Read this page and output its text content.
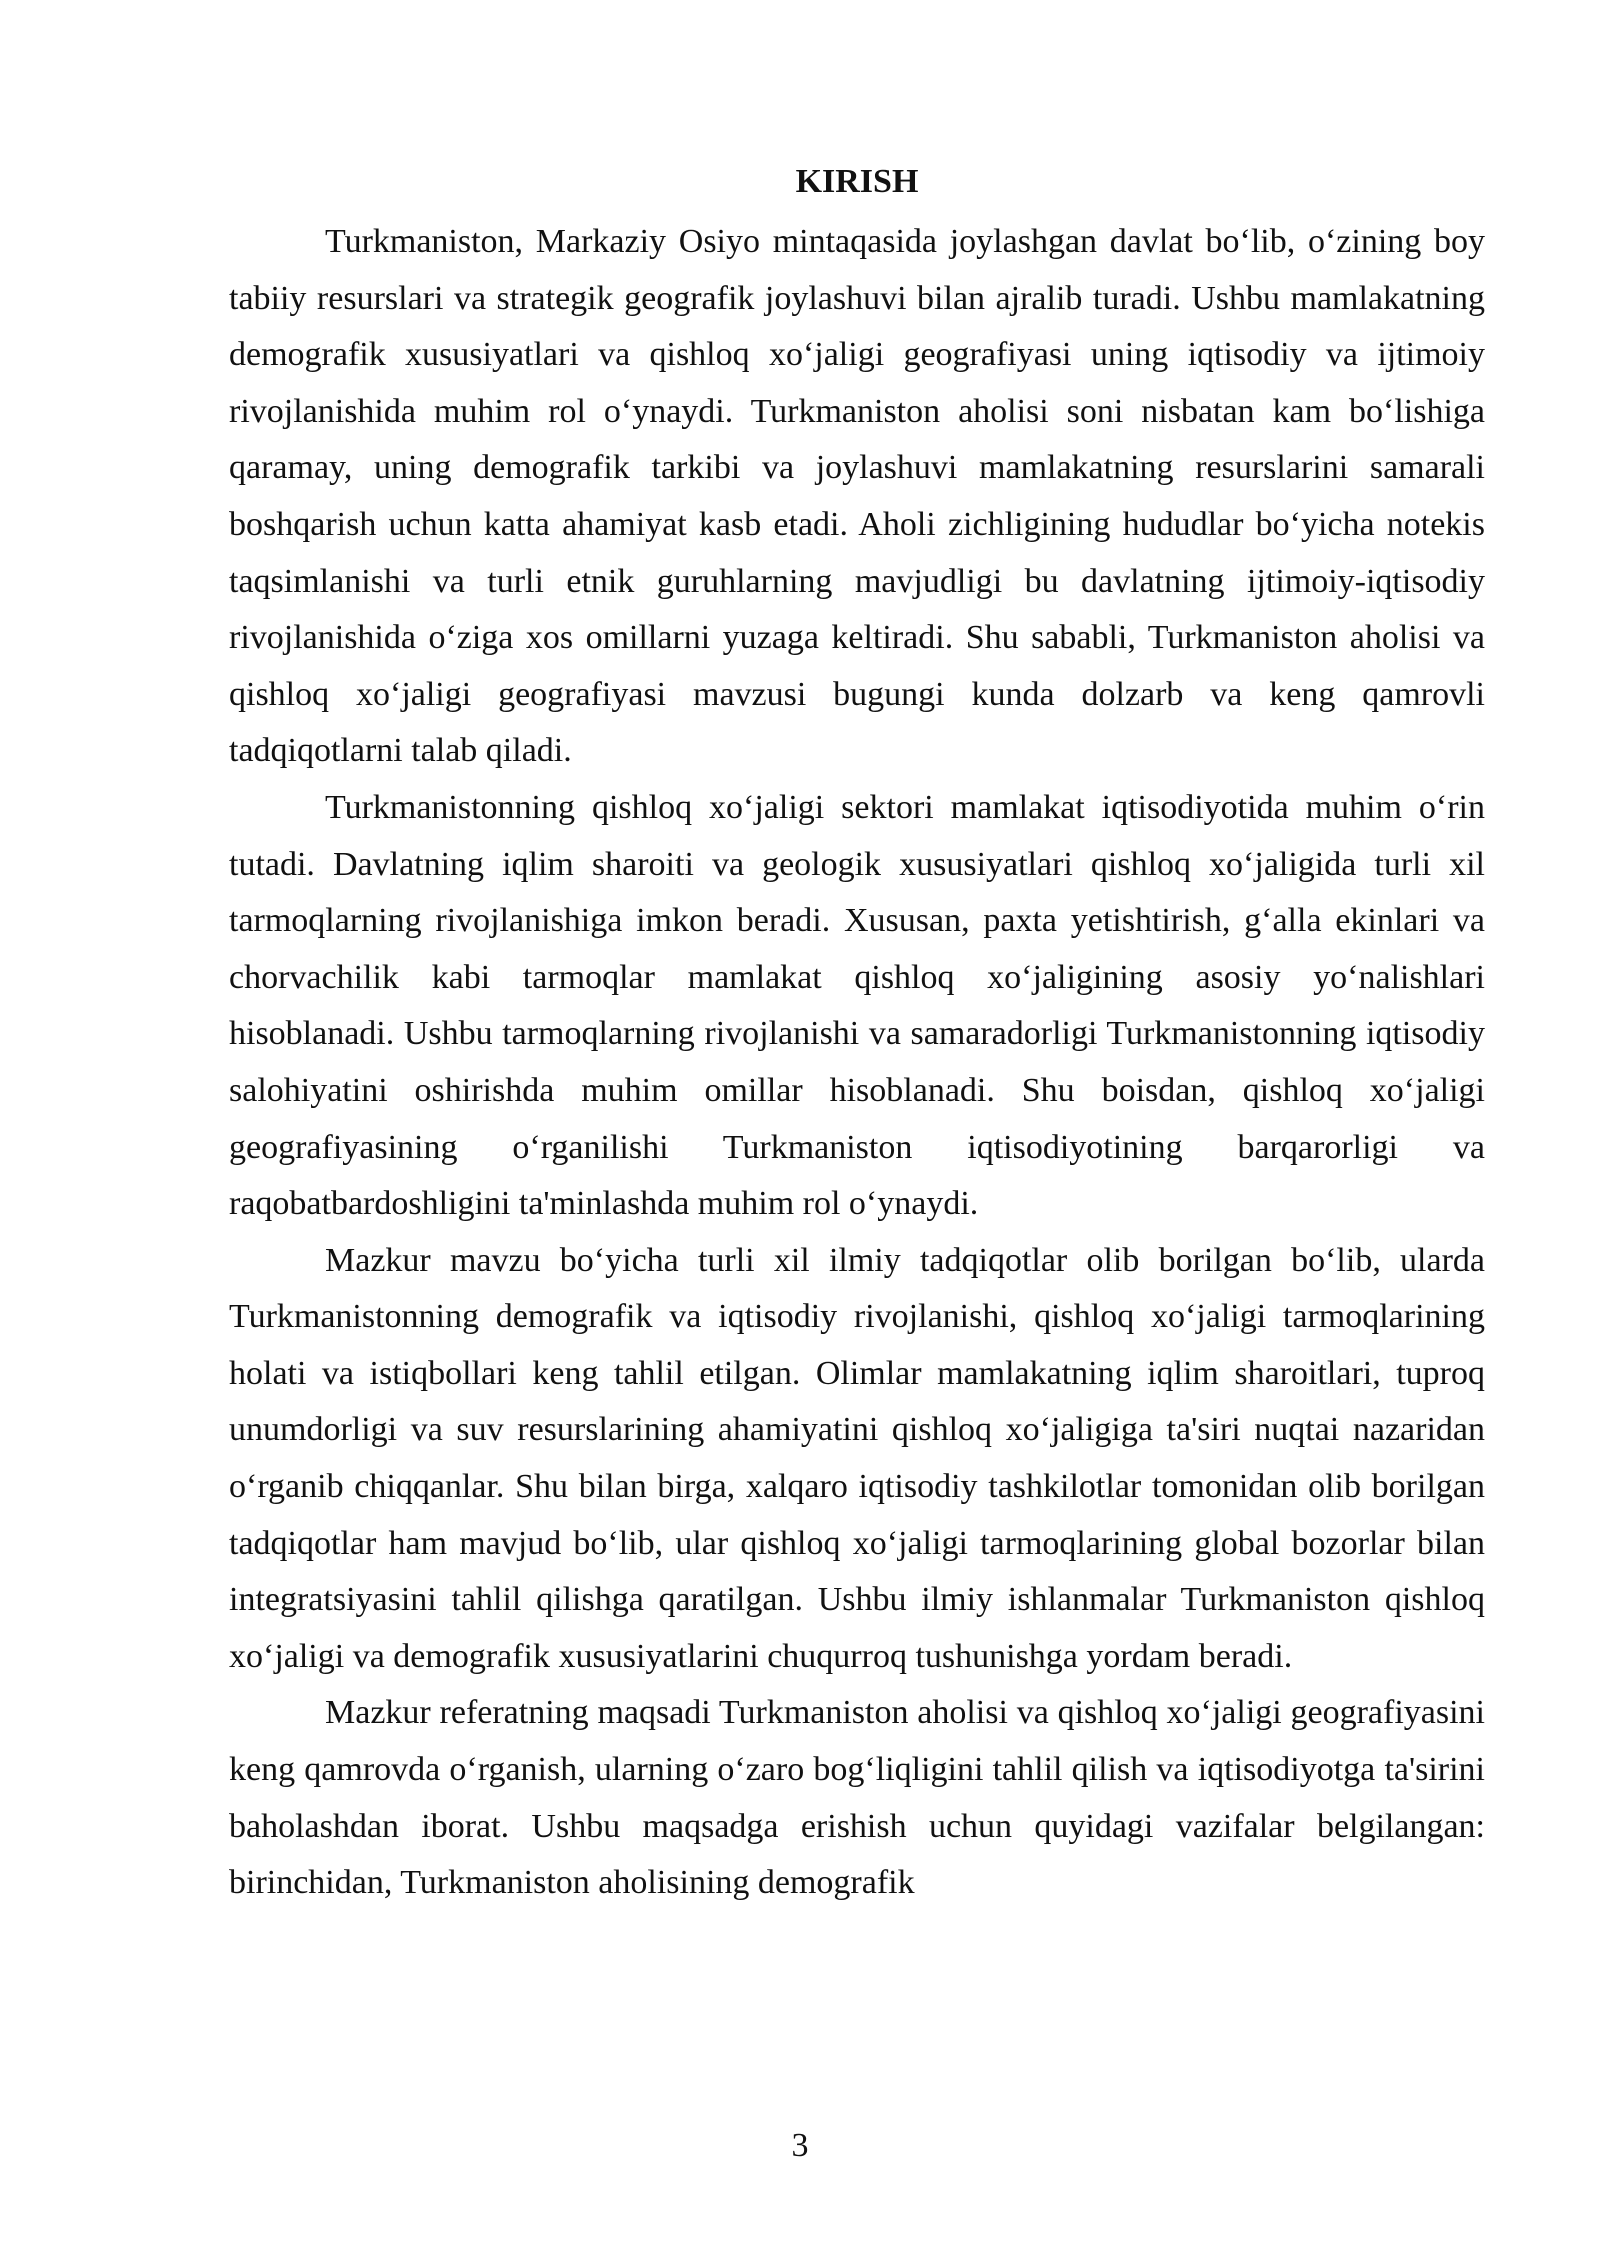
KIRISH

Turkmaniston, Markaziy Osiyo mintaqasida joylashgan davlat bo‘lib, o‘zining boy tabiiy resurslari va strategik geografik joylashuvi bilan ajralib turadi. Ushbu mamlakatning demografik xususiyatlari va qishloq xo‘jaligi geografiyasi uning iqtisodiy va ijtimoiy rivojlanishida muhim rol o‘ynaydi. Turkmaniston aholisi soni nisbatan kam bo‘lishiga qaramay, uning demografik tarkibi va joylashuvi mamlakatning resurslarini samarali boshqarish uchun katta ahamiyat kasb etadi. Aholi zichligining hududlar bo‘yicha notekis taqsimlanishi va turli etnik guruhlarning mavjudligi bu davlatning ijtimoiy-iqtisodiy rivojlanishida o‘ziga xos omillarni yuzaga keltiradi. Shu sababli, Turkmaniston aholisi va qishloq xo‘jaligi geografiyasi mavzusi bugungi kunda dolzarb va keng qamrovli tadqiqotlarni talab qiladi.

Turkmanistonning qishloq xo‘jaligi sektori mamlakat iqtisodiyotida muhim o‘rin tutadi. Davlatning iqlim sharoiti va geologik xususiyatlari qishloq xo‘jaligida turli xil tarmoqlarning rivojlanishiga imkon beradi. Xususan, paxta yetishtirish, g‘alla ekinlari va chorvachilik kabi tarmoqlar mamlakat qishloq xo‘jaligining asosiy yo‘nalishlari hisoblanadi. Ushbu tarmoqlarning rivojlanishi va samaradorligi Turkmanistonning iqtisodiy salohiyatini oshirishda muhim omillar hisoblanadi. Shu boisdan, qishloq xo‘jaligi geografiyasining o‘rganilishi Turkmaniston iqtisodiyotining barqarorligi va raqobatbardoshligini ta'minlashda muhim rol o‘ynaydi.

Mazkur mavzu bo‘yicha turli xil ilmiy tadqiqotlar olib borilgan bo‘lib, ularda Turkmanistonning demografik va iqtisodiy rivojlanishi, qishloq xo‘jaligi tarmoqlarining holati va istiqbollari keng tahlil etilgan. Olimlar mamlakatning iqlim sharoitlari, tuproq unumdorligi va suv resurslarining ahamiyatini qishloq xo‘jaligiga ta'siri nuqtai nazaridan o‘rganib chiqqanlar. Shu bilan birga, xalqaro iqtisodiy tashkilotlar tomonidan olib borilgan tadqiqotlar ham mavjud bo‘lib, ular qishloq xo‘jaligi tarmoqlarining global bozorlar bilan integratsiyasini tahlil qilishga qaratilgan. Ushbu ilmiy ishlanmalar Turkmaniston qishloq xo‘jaligi va demografik xususiyatlarini chuqurroq tushunishga yordam beradi.

Mazkur referatning maqsadi Turkmaniston aholisi va qishloq xo‘jaligi geografiyasini keng qamrovda o‘rganish, ularning o‘zaro bog‘liqligini tahlil qilish va iqtisodiyotga ta'sirini baholashdan iborat. Ushbu maqsadga erishish uchun quyidagi vazifalar belgilangan: birinchidan, Turkmaniston aholisining demografik

3
